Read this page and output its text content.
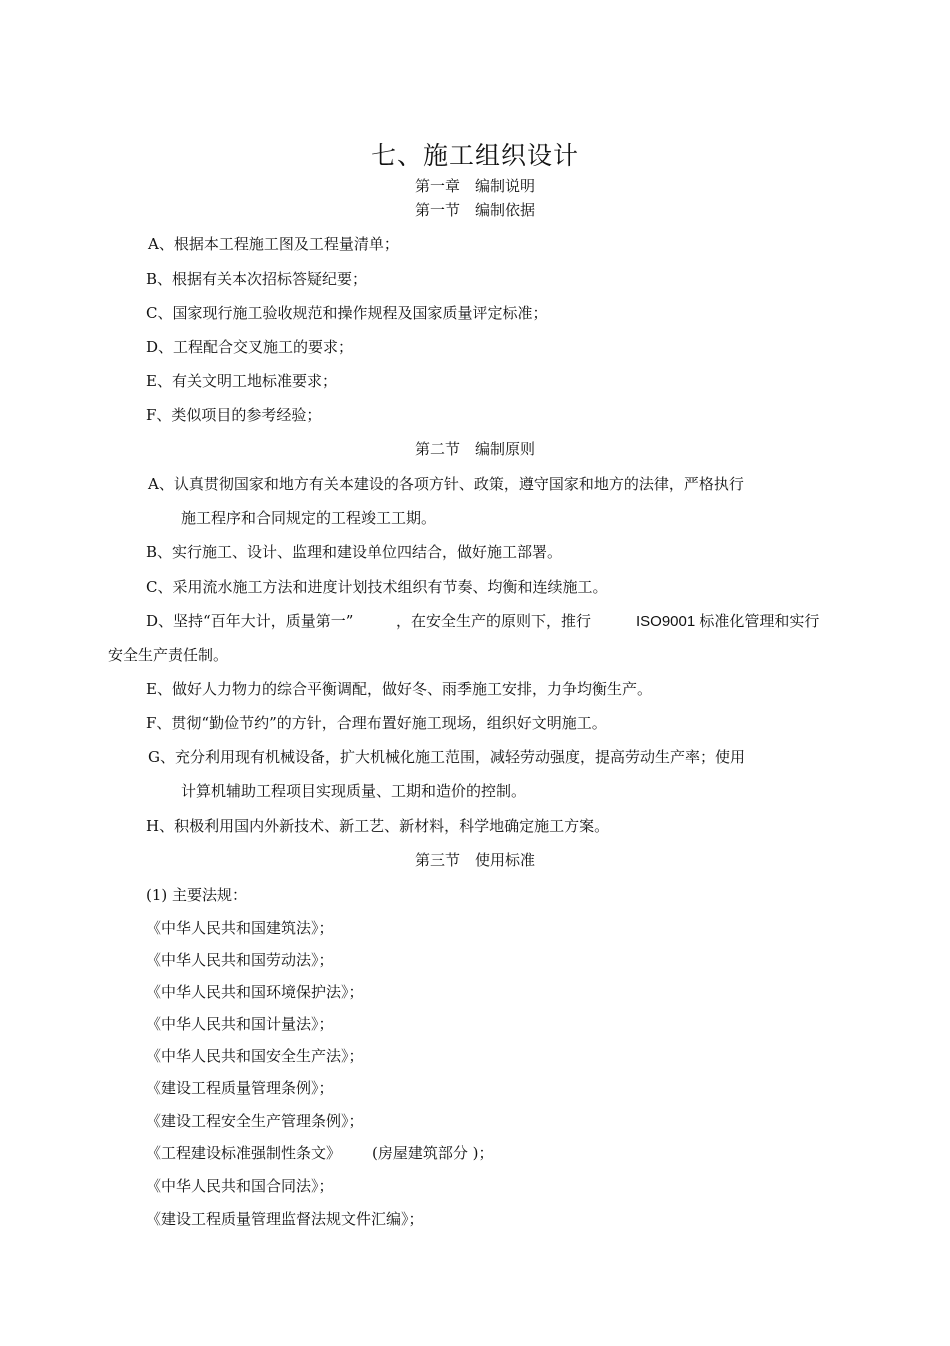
七、施工组织设计
第一章　编制说明
第一节　编制依据
A、根据本工程施工图及工程量清单；
B、根据有关本次招标答疑纪要；
C、国家现行施工验收规范和操作规程及国家质量评定标准；
D、工程配合交叉施工的要求；
E、有关文明工地标准要求；
F、类似项目的参考经验；
第二节　编制原则
A、认真贯彻国家和地方有关本建设的各项方针、政策，遵守国家和地方的法律，严格执行
施工程序和合同规定的工程竣工工期。
B、实行施工、设计、监理和建设单位四结合，做好施工部署。
C、采用流水施工方法和进度计划技术组织有节奏、均衡和连续施工。
D、坚持“百年大计，质量第一”	，在安全生产的原则下，推行	ISO9001 标准化管理和实行
安全生产责任制。
E、做好人力物力的综合平衡调配，做好冬、雨季施工安排，力争均衡生产。
F、贯彻“勤俭节约”的方针，合理布置好施工现场，组织好文明施工。
G、充分利用现有机械设备，扩大机械化施工范围，减轻劳动强度，提高劳动生产率；使用
计算机辅助工程项目实现质量、工期和造价的控制。
H、积极利用国内外新技术、新工艺、新材料，科学地确定施工方案。
第三节　使用标准
(1) 主要法规：
《中华人民共和国建筑法》；
《中华人民共和国劳动法》；
《中华人民共和国环境保护法》；
《中华人民共和国计量法》；
《中华人民共和国安全生产法》；
《建设工程质量管理条例》；
《建设工程安全生产管理条例》；
《工程建设标准强制性条文》 (房屋建筑部分 )；
《中华人民共和国合同法》；
《建设工程质量管理监督法规文件汇编》；
